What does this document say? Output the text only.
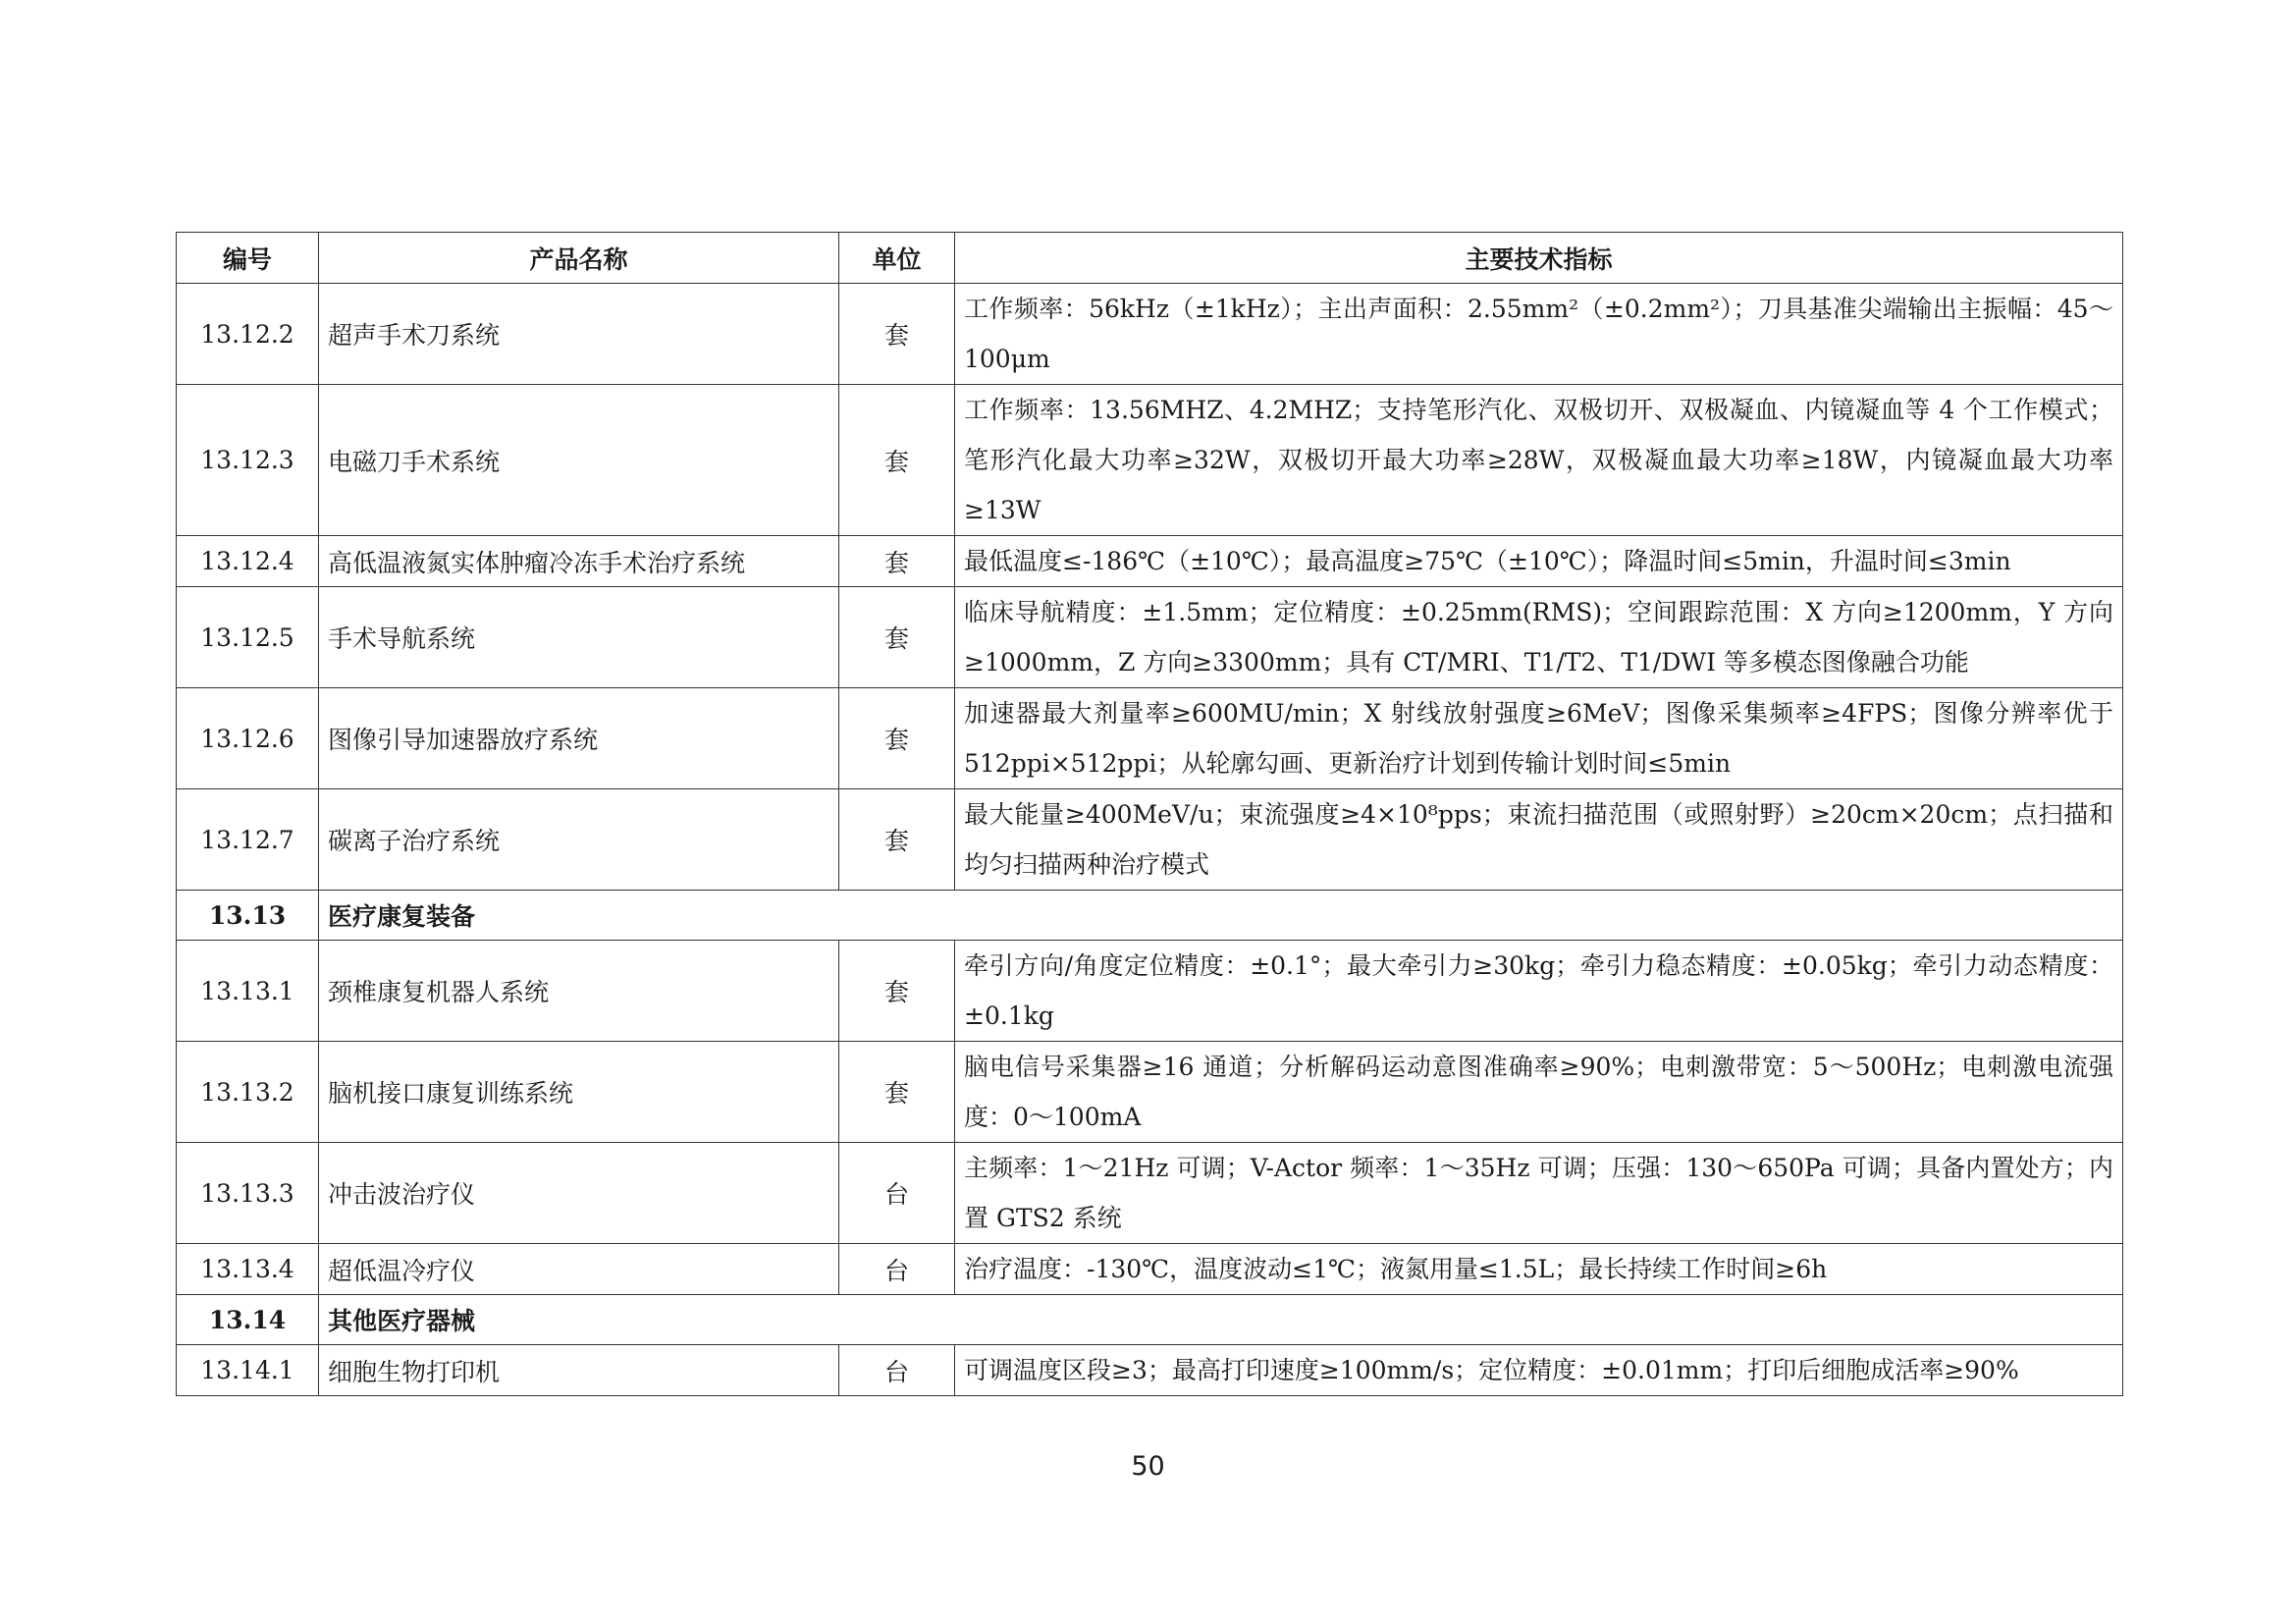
编号	产品名称	单位	主要技术指标
13.12.2	超声手术刀系统	套	工作频率：56kHz（±1kHz）；主出声面积：2.55mm²（±0.2mm²）；刀具基准尖端输出主振幅：45～100μm
13.12.3	电磁刀手术系统	套	工作频率：13.56MHZ、4.2MHZ；支持笔形汽化、双极切开、双极凝血、内镜凝血等 4 个工作模式；笔形汽化最大功率≥32W，双极切开最大功率≥28W，双极凝血最大功率≥18W，内镜凝血最大功率≥13W
13.12.4	高低温液氮实体肿瘤冷冻手术治疗系统	套	最低温度≤-186℃（±10℃）；最高温度≥75℃（±10℃）；降温时间≤5min，升温时间≤3min
13.12.5	手术导航系统	套	临床导航精度：±1.5mm；定位精度：±0.25mm(RMS)；空间跟踪范围：X 方向≥1200mm，Y 方向≥1000mm，Z 方向≥3300mm；具有 CT/MRI、T1/T2、T1/DWI 等多模态图像融合功能
13.12.6	图像引导加速器放疗系统	套	加速器最大剂量率≥600MU/min；X 射线放射强度≥6MeV；图像采集频率≥4FPS；图像分辨率优于512ppi×512ppi；从轮廓勾画、更新治疗计划到传输计划时间≤5min
13.12.7	碳离子治疗系统	套	最大能量≥400MeV/u；束流强度≥4×10⁸pps；束流扫描范围（或照射野）≥20cm×20cm；点扫描和均匀扫描两种治疗模式
13.13	医疗康复装备		
13.13.1	颈椎康复机器人系统	套	牵引方向/角度定位精度：±0.1°；最大牵引力≥30kg；牵引力稳态精度：±0.05kg；牵引力动态精度：±0.1kg
13.13.2	脑机接口康复训练系统	套	脑电信号采集器≥16 通道；分析解码运动意图准确率≥90%；电刺激带宽：5～500Hz；电刺激电流强度：0～100mA
13.13.3	冲击波治疗仪	台	主频率：1～21Hz 可调；V-Actor 频率：1～35Hz 可调；压强：130～650Pa 可调；具备内置处方；内置 GTS2 系统
13.13.4	超低温冷疗仪	台	治疗温度：-130℃，温度波动≤1℃；液氮用量≤1.5L；最长持续工作时间≥6h
13.14	其他医疗器械		
13.14.1	细胞生物打印机	台	可调温度区段≥3；最高打印速度≥100mm/s；定位精度：±0.01mm；打印后细胞成活率≥90%
50
